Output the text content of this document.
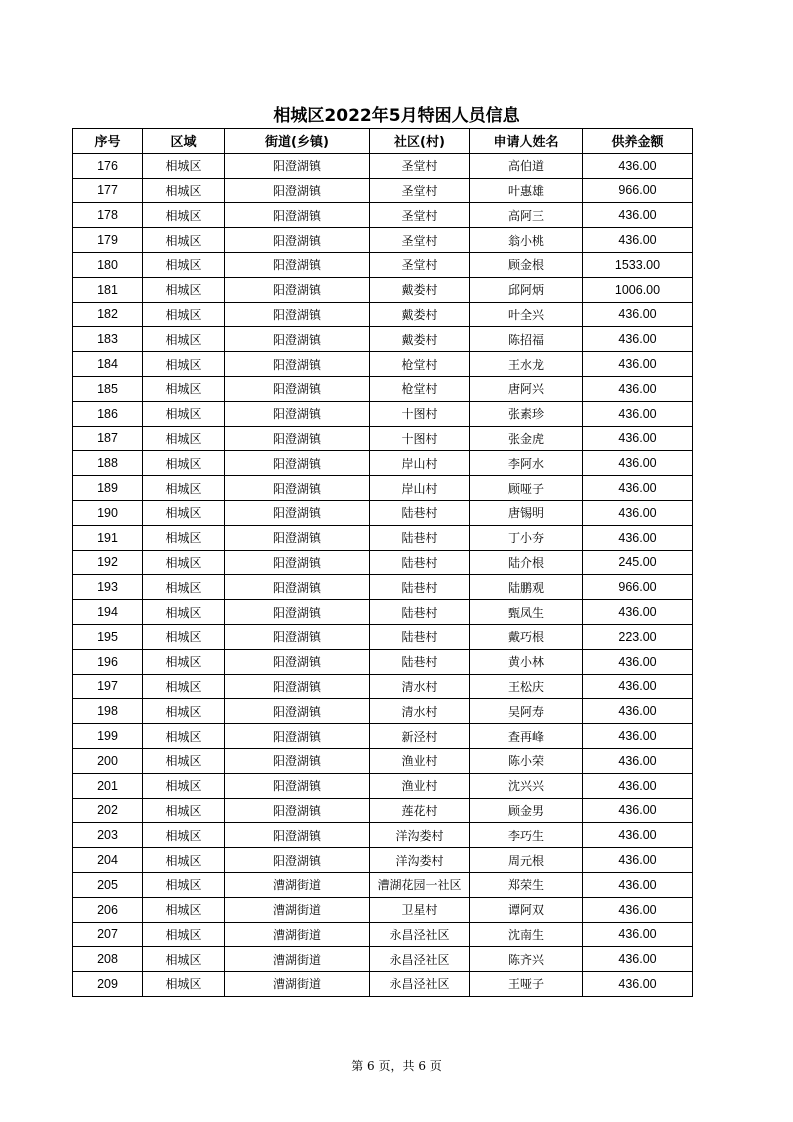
相城区2022年5月特困人员信息
序号	区域	街道(乡镇)	社区(村)	申请人姓名	供养金额
176	相城区	阳澄湖镇	圣堂村	高伯道	436.00
177	相城区	阳澄湖镇	圣堂村	叶惠雄	966.00
178	相城区	阳澄湖镇	圣堂村	高阿三	436.00
179	相城区	阳澄湖镇	圣堂村	翁小桃	436.00
180	相城区	阳澄湖镇	圣堂村	顾金根	1533.00
181	相城区	阳澄湖镇	戴娄村	邱阿炳	1006.00
182	相城区	阳澄湖镇	戴娄村	叶全兴	436.00
183	相城区	阳澄湖镇	戴娄村	陈招福	436.00
184	相城区	阳澄湖镇	枪堂村	王水龙	436.00
185	相城区	阳澄湖镇	枪堂村	唐阿兴	436.00
186	相城区	阳澄湖镇	十图村	张素珍	436.00
187	相城区	阳澄湖镇	十图村	张金虎	436.00
188	相城区	阳澄湖镇	岸山村	李阿水	436.00
189	相城区	阳澄湖镇	岸山村	顾哑子	436.00
190	相城区	阳澄湖镇	陆巷村	唐锡明	436.00
191	相城区	阳澄湖镇	陆巷村	丁小夯	436.00
192	相城区	阳澄湖镇	陆巷村	陆介根	245.00
193	相城区	阳澄湖镇	陆巷村	陆鹏观	966.00
194	相城区	阳澄湖镇	陆巷村	甄凤生	436.00
195	相城区	阳澄湖镇	陆巷村	戴巧根	223.00
196	相城区	阳澄湖镇	陆巷村	黄小林	436.00
197	相城区	阳澄湖镇	清水村	王松庆	436.00
198	相城区	阳澄湖镇	清水村	吴阿寿	436.00
199	相城区	阳澄湖镇	新泾村	查再峰	436.00
200	相城区	阳澄湖镇	渔业村	陈小荣	436.00
201	相城区	阳澄湖镇	渔业村	沈兴兴	436.00
202	相城区	阳澄湖镇	莲花村	顾金男	436.00
203	相城区	阳澄湖镇	洋沟娄村	李巧生	436.00
204	相城区	阳澄湖镇	洋沟娄村	周元根	436.00
205	相城区	漕湖街道	漕湖花园一社区	郑荣生	436.00
206	相城区	漕湖街道	卫星村	谭阿双	436.00
207	相城区	漕湖街道	永昌泾社区	沈南生	436.00
208	相城区	漕湖街道	永昌泾社区	陈齐兴	436.00
209	相城区	漕湖街道	永昌泾社区	王哑子	436.00
第 6 页，共 6 页
